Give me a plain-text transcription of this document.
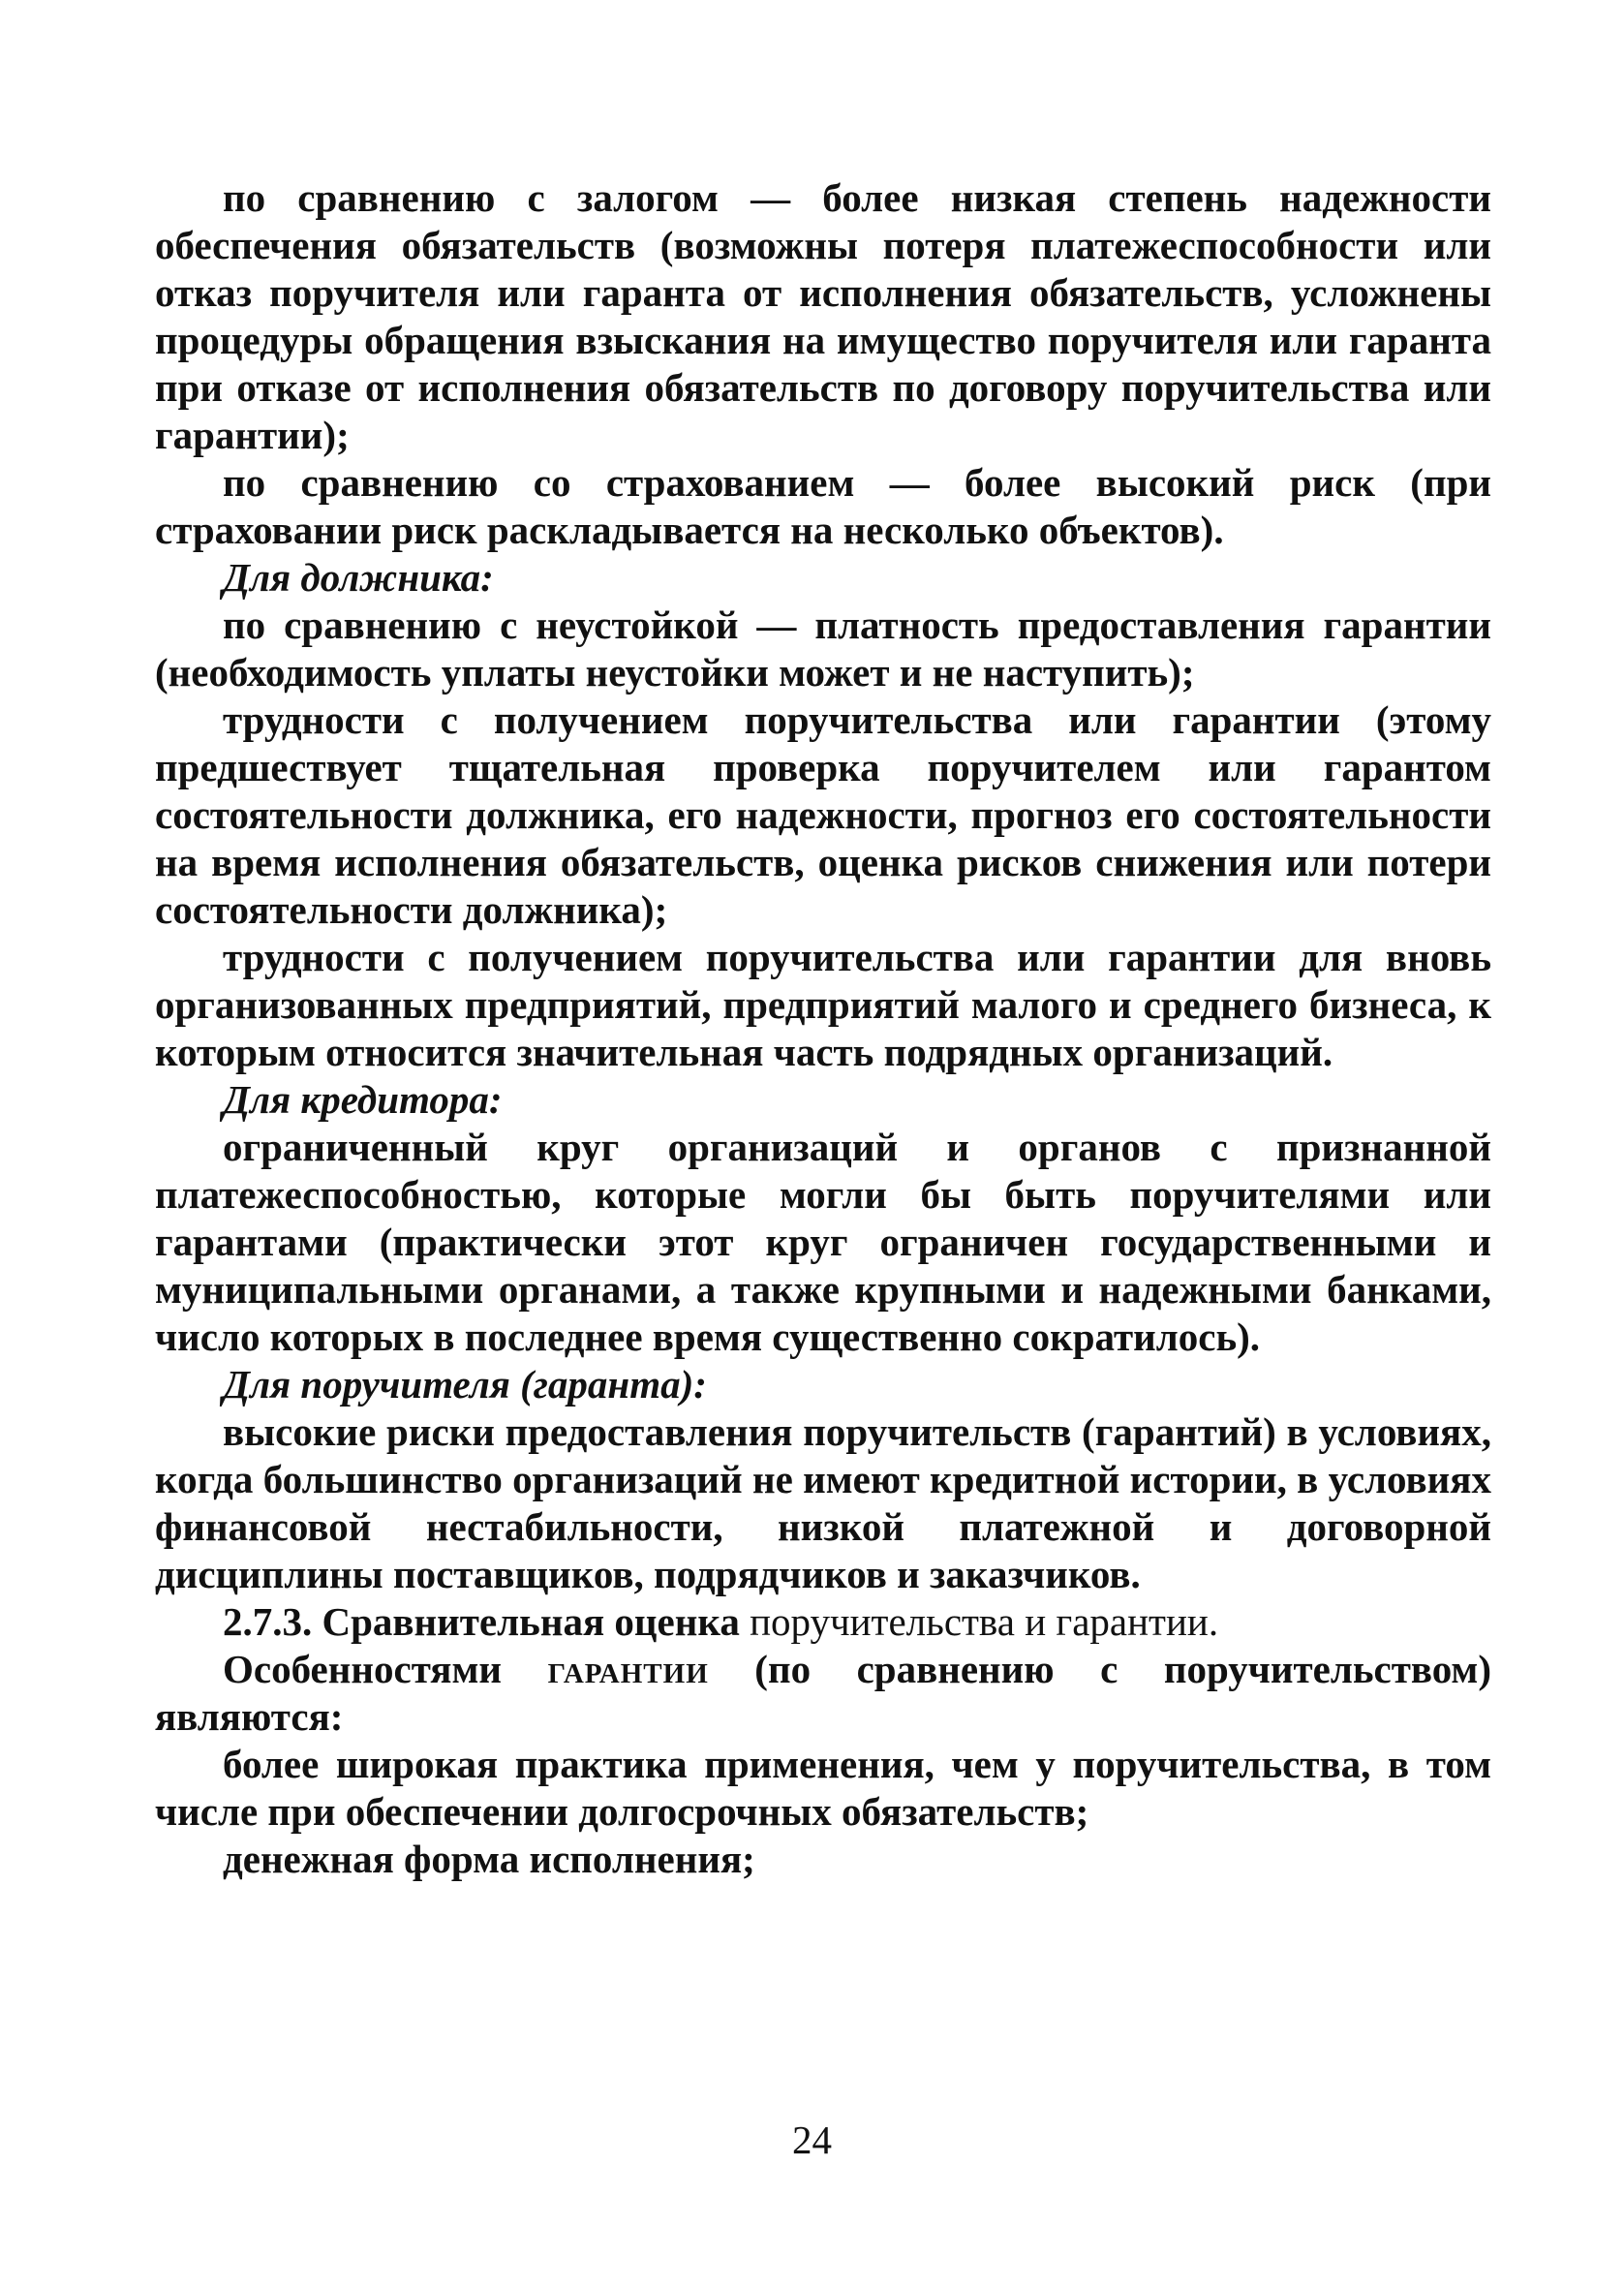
по сравнению с залогом — более низкая степень надежности обеспечения обязательств (возможны потеря платежеспособности или отказ поручителя или гаранта от исполнения обязательств, усложнены процедуры обращения взыскания на имущество поручителя или гаранта при отказе от исполнения обязательств по договору поручительства или гарантии);

по сравнению со страхованием — более высокий риск (при страховании риск раскладывается на несколько объектов).

Для должника:

по сравнению с неустойкой — платность предоставления гарантии (необходимость уплаты неустойки может и не наступить);

трудности с получением поручительства или гарантии (этому предшествует тщательная проверка поручителем или гарантом состоятельности должника, его надежности, прогноз его состоятельности на время исполнения обязательств, оценка рисков снижения или потери состоятельности должника);

трудности с получением поручительства или гарантии для вновь организованных предприятий, предприятий малого и среднего бизнеса, к которым относится значительная часть подрядных организаций.

Для кредитора:

ограниченный круг организаций и органов с признанной платежеспособностью, которые могли бы быть поручителями или гарантами (практически этот круг ограничен государственными и муниципальными органами, а также крупными и надежными банками, число которых в последнее время существенно сократилось).

Для поручителя (гаранта):

высокие риски предоставления поручительств (гарантий) в условиях, когда большинство организаций не имеют кредитной истории, в условиях финансовой нестабильности, низкой платежной и договорной дисциплины поставщиков, подрядчиков и заказчиков.

2.7.3. Сравнительная оценка поручительства и гарантии.

Особенностями гарантии (по сравнению с поручительством) являются:

более широкая практика применения, чем у поручительства, в том числе при обеспечении долгосрочных обязательств;

денежная форма исполнения;

24
